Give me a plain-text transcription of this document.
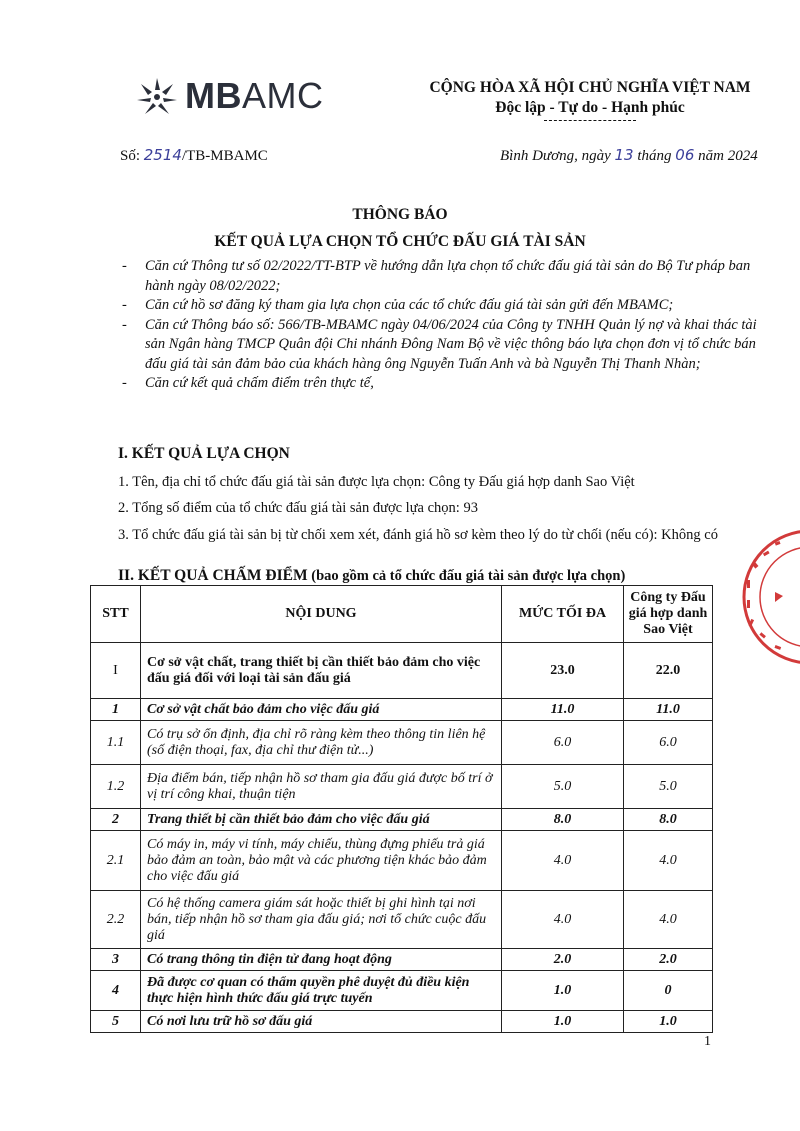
MBAMC	CỘNG HÒA XÃ HỘI CHỦ NGHĨA VIỆT NAM
Độc lập - Tự do - Hạnh phúc
Số: 2514/TB-MBAMC	Bình Dương, ngày 13 tháng 06 năm 2024
THÔNG BÁO
KẾT QUẢ LỰA CHỌN TỔ CHỨC ĐẤU GIÁ TÀI SẢN
- Căn cứ Thông tư số 02/2022/TT-BTP về hướng dẫn lựa chọn tổ chức đấu giá tài sản do Bộ Tư pháp ban hành ngày 08/02/2022;
- Căn cứ hồ sơ đăng ký tham gia lựa chọn của các tổ chức đấu giá tài sản gửi đến MBAMC;
- Căn cứ Thông báo số: 566/TB-MBAMC ngày 04/06/2024 của Công ty TNHH Quản lý nợ và khai thác tài sản Ngân hàng TMCP Quân đội Chi nhánh Đông Nam Bộ về việc thông báo lựa chọn đơn vị tổ chức bán đấu giá tài sản đảm bảo của khách hàng ông Nguyễn Tuấn Anh và bà Nguyễn Thị Thanh Nhàn;
- Căn cứ kết quả chấm điểm trên thực tế,
I. KẾT QUẢ LỰA CHỌN
1. Tên, địa chỉ tổ chức đấu giá tài sản được lựa chọn: Công ty Đấu giá hợp danh Sao Việt
2. Tổng số điểm của tổ chức đấu giá tài sản được lựa chọn: 93
3. Tổ chức đấu giá tài sản bị từ chối xem xét, đánh giá hồ sơ kèm theo lý do từ chối (nếu có): Không có
II. KẾT QUẢ CHẤM ĐIỂM (bao gồm cả tổ chức đấu giá tài sản được lựa chọn)
STT	NỘI DUNG	MỨC TỐI ĐA	Công ty Đấu giá hợp danh Sao Việt
I	Cơ sở vật chất, trang thiết bị cần thiết bảo đảm cho việc đấu giá đối với loại tài sản đấu giá	23.0	22.0
1	Cơ sở vật chất bảo đảm cho việc đấu giá	11.0	11.0
1.1	Có trụ sở ổn định, địa chỉ rõ ràng kèm theo thông tin liên hệ (số điện thoại, fax, địa chỉ thư điện tử...)	6.0	6.0
1.2	Địa điểm bán, tiếp nhận hồ sơ tham gia đấu giá được bố trí ở vị trí công khai, thuận tiện	5.0	5.0
2	Trang thiết bị cần thiết bảo đảm cho việc đấu giá	8.0	8.0
2.1	Có máy in, máy vi tính, máy chiếu, thùng đựng phiếu trả giá bảo đảm an toàn, bảo mật và các phương tiện khác bảo đảm cho việc đấu giá	4.0	4.0
2.2	Có hệ thống camera giám sát hoặc thiết bị ghi hình tại nơi bán, tiếp nhận hồ sơ tham gia đấu giá; nơi tổ chức cuộc đấu giá	4.0	4.0
3	Có trang thông tin điện tử đang hoạt động	2.0	2.0
4	Đã được cơ quan có thẩm quyền phê duyệt đủ điều kiện thực hiện hình thức đấu giá trực tuyến	1.0	0
5	Có nơi lưu trữ hồ sơ đấu giá	1.0	1.0
1
